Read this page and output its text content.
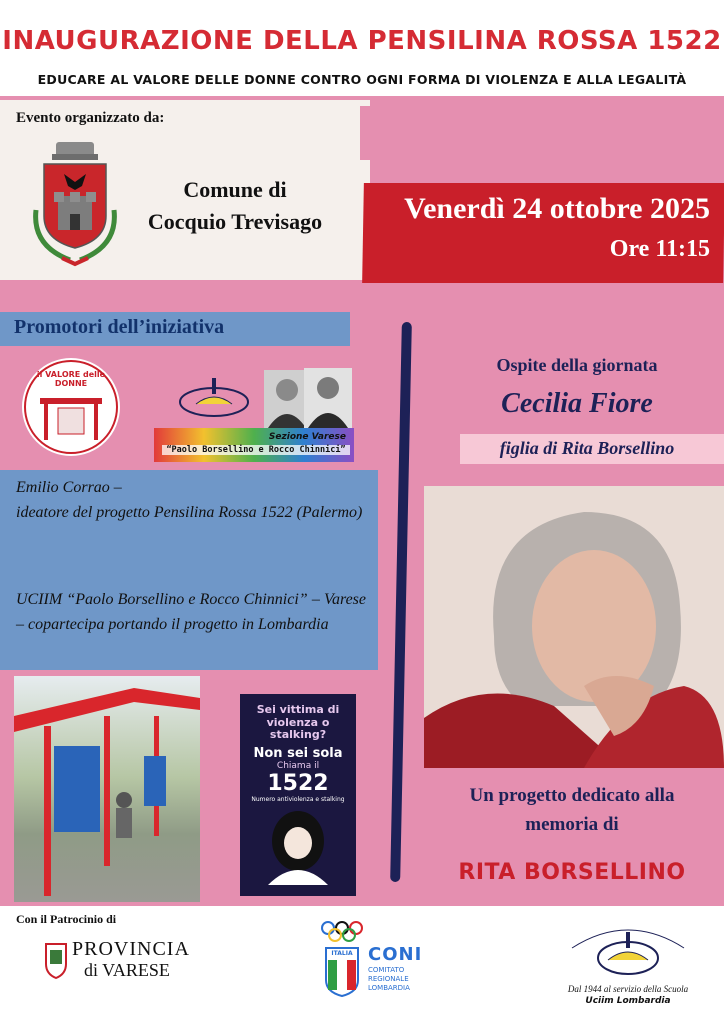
INAUGURAZIONE DELLA PENSILINA ROSSA 1522
EDUCARE AL VALORE DELLE DONNE CONTRO OGNI FORMA DI VIOLENZA E ALLA LEGALITÀ
Evento organizzato da:
Comune di
Cocquio Trevisago	Venerdì 24 ottobre 2025
Ore 11:15
Promotori dell’iniziativa
il VALORE delle DONNE
Sezione Varese
“Paolo Borsellino e Rocco Chinnici”
Emilio Corrao –
ideatore del progetto Pensilina Rossa 1522 (Palermo)
UCIIM “Paolo Borsellino e Rocco Chinnici” – Varese – copartecipa portando il progetto in Lombardia
Sei vittima di violenza o stalking?
Non sei sola
Chiama il
1522
Numero antiviolenza e stalking
Ospite della giornata
Cecilia Fiore
figlia di Rita Borsellino
Un progetto dedicato alla
memoria di
RITA BORSELLINO
Con il Patrocinio di
PROVINCIA
di VARESE
ITALIA CONI
COMITATO
REGIONALE
LOMBARDIA	Dal 1944 al servizio della Scuola
Uciim Lombardia
